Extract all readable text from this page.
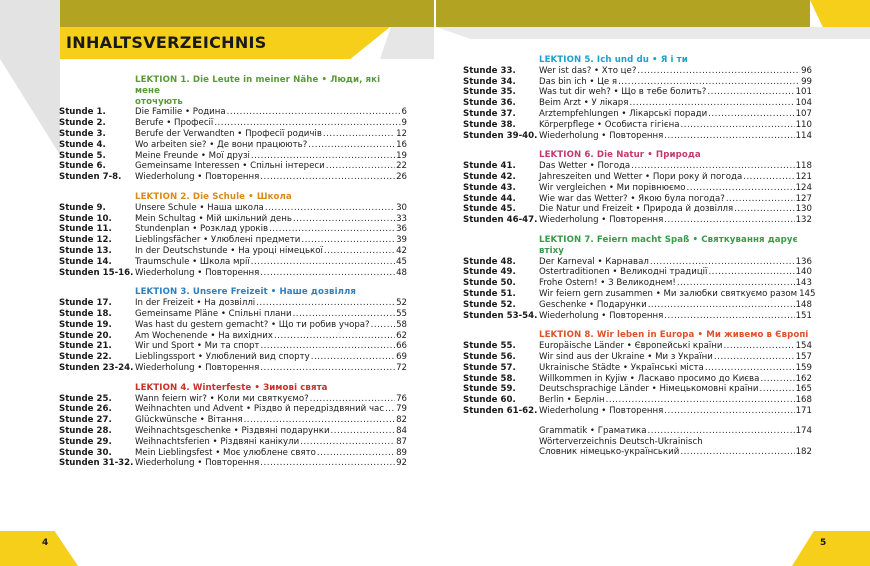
INHALTSVERZEICHNIS
4	5
LEKTION 1. Die Leute in meiner Nähe • Люди, які мене
оточують
Stunde 1.	Die Familie • Родина .....	6
Stunde 2.	Berufe • Професії .....	9
Stunde 3.	Berufe der Verwandten • Професії родичів .....	12
Stunde 4.	Wo arbeiten sie? • Де вони працюють? .....	16
Stunde 5.	Meine Freunde • Мої друзі .....	19
Stunde 6.	Gemeinsame Interessen • Спільні інтереси .....	22
Stunden 7-8.	Wiederholung • Повторення .....	26
LEKTION 2. Die Schule • Школа
Stunde 9.	Unsere Schule • Наша школа .....	30
Stunde 10.	Mein Schultag • Мій шкільний день .....	33
Stunde 11.	Stundenplan • Розклад уроків .....	36
Stunde 12.	Lieblingsfächer • Улюблені предмети .....	39
Stunde 13.	In der Deutschstunde • На уроці німецької .....	42
Stunde 14.	Traumschule • Школа мрії .....	45
Stunden 15-16. Wiederholung • Повторення .....	48
LEKTION 3. Unsere Freizeit • Наше дозвілля
Stunde 17.	In der Freizeit • На дозвіллі .....	52
Stunde 18.	Gemeinsame Pläne • Спільні плани .....	55
Stunde 19.	Was hast du gestern gemacht? • Що ти робив учора? .....	58
Stunde 20.	Am Wochenende • На вихідних .....	62
Stunde 21.	Wir und Sport • Ми та спорт .....	66
Stunde 22.	Lieblingssport • Улюблений вид спорту .....	69
Stunden 23-24. Wiederholung • Повторення .....	72
LEKTION 4. Winterfeste • Зимові свята
Stunde 25.	Wann feiern wir? • Коли ми святкуємо? .....	76
Stunde 26.	Weihnachten und Advent • Різдво й передріздвяний час ..... 79
Stunde 27.	Glückwünsche • Вітання .....	82
Stunde 28.	Weihnachtsgeschenke • Різдвяні подарунки .....	84
Stunde 29.	Weihnachtsferien • Різдвяні канікули .....	87
Stunde 30.	Mein Lieblingsfest • Моє улюблене свято .....	89
Stunden 31-32. Wiederholung • Повторення .....	92
LEKTION 5. Ich und du • Я і ти
Stunde 33.	Wer ist das? • Хто це? .....	96
Stunde 34.	Das bin ich • Це я .....	99
Stunde 35.	Was tut dir weh? • Що в тебе болить? .....	101
Stunde 36.	Beim Arzt • У лікаря .....	104
Stunde 37.	Arztempfehlungen • Лікарські поради .....	107
Stunde 38.	Körperpflege • Особиста гігієна .....	110
Stunden 39-40. Wiederholung • Повторення .....	114
LEKTION 6. Die Natur • Природа
Stunde 41.	Das Wetter • Погода .....	118
Stunde 42.	Jahreszeiten und Wetter • Пори року й погода .....	121
Stunde 43.	Wir vergleichen • Ми порівнюємо .....	124
Stunde 44.	Wie war das Wetter? • Якою була погода? .....	127
Stunde 45.	Die Natur und Freizeit • Природа й дозвілля .....	130
Stunden 46-47. Wiederholung • Повторення .....	132
LEKTION 7. Feiern macht Spaß • Святкування дарує втіху
Stunde 48.	Der Karneval • Карнавал .....	136
Stunde 49.	Ostertraditionen • Великодні традиції .....	140
Stunde 50.	Frohe Ostern! • З Великоднем! .....	143
Stunde 51.	Wir feiern gern zusammen • Ми залюбки святкуємо разом 145
Stunde 52.	Geschenke • Подарунки .....	148
Stunden 53-54. Wiederholung • Повторення .....	151
LEKTION 8. Wir leben in Europa • Ми живемо в Європі
Stunde 55.	Europäische Länder • Європейські країни .....	154
Stunde 56.	Wir sind aus der Ukraine • Ми з України .....	157
Stunde 57.	Ukrainische Städte • Українські міста .....	159
Stunde 58.	Willkommen in Kyjiw • Ласкаво просимо до Києва .....	162
Stunde 59.	Deutschsprachige Länder • Німецькомовні країни .....	165
Stunde 60.	Berlin • Берлін .....	168
Stunden 61-62. Wiederholung • Повторення .....	171
Grammatik • Граматика .....	174
Wörterverzeichnis Deutsch-Ukrainisch
Словник німецько-український .....	182
